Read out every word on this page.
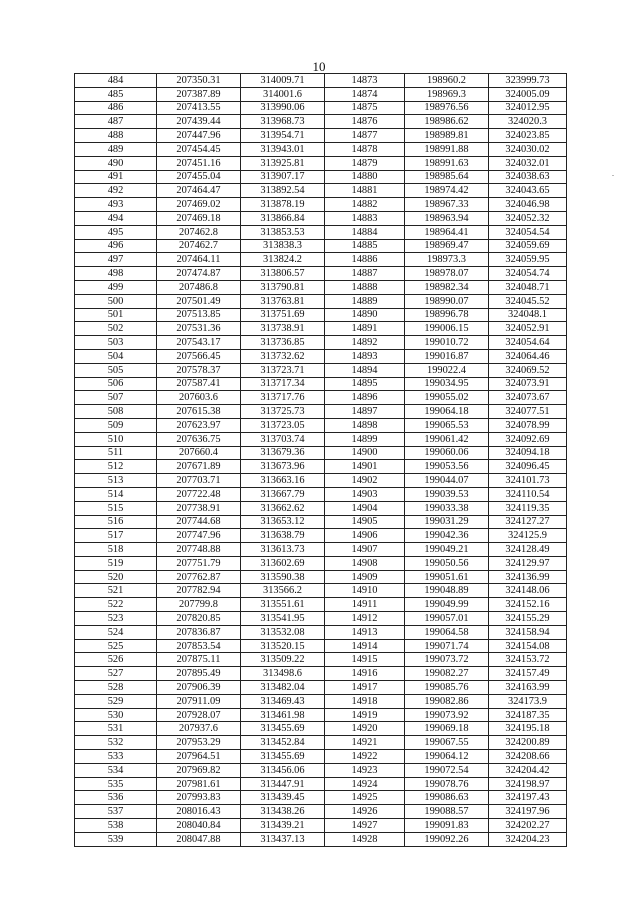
10
484	207350.31	314009.71	14873	198960.2	323999.73
485	207387.89	314001.6	14874	198969.3	324005.09
486	207413.55	313990.06	14875	198976.56	324012.95
487	207439.44	313968.73	14876	198986.62	324020.3
488	207447.96	313954.71	14877	198989.81	324023.85
489	207454.45	313943.01	14878	198991.88	324030.02
490	207451.16	313925.81	14879	198991.63	324032.01
491	207455.04	313907.17	14880	198985.64	324038.63
492	207464.47	313892.54	14881	198974.42	324043.65
493	207469.02	313878.19	14882	198967.33	324046.98
494	207469.18	313866.84	14883	198963.94	324052.32
495	207462.8	313853.53	14884	198964.41	324054.54
496	207462.7	313838.3	14885	198969.47	324059.69
497	207464.11	313824.2	14886	198973.3	324059.95
498	207474.87	313806.57	14887	198978.07	324054.74
499	207486.8	313790.81	14888	198982.34	324048.71
500	207501.49	313763.81	14889	198990.07	324045.52
501	207513.85	313751.69	14890	198996.78	324048.1
502	207531.36	313738.91	14891	199006.15	324052.91
503	207543.17	313736.85	14892	199010.72	324054.64
504	207566.45	313732.62	14893	199016.87	324064.46
505	207578.37	313723.71	14894	199022.4	324069.52
506	207587.41	313717.34	14895	199034.95	324073.91
507	207603.6	313717.76	14896	199055.02	324073.67
508	207615.38	313725.73	14897	199064.18	324077.51
509	207623.97	313723.05	14898	199065.53	324078.99
510	207636.75	313703.74	14899	199061.42	324092.69
511	207660.4	313679.36	14900	199060.06	324094.18
512	207671.89	313673.96	14901	199053.56	324096.45
513	207703.71	313663.16	14902	199044.07	324101.73
514	207722.48	313667.79	14903	199039.53	324110.54
515	207738.91	313662.62	14904	199033.38	324119.35
516	207744.68	313653.12	14905	199031.29	324127.27
517	207747.96	313638.79	14906	199042.36	324125.9
518	207748.88	313613.73	14907	199049.21	324128.49
519	207751.79	313602.69	14908	199050.56	324129.97
520	207762.87	313590.38	14909	199051.61	324136.99
521	207782.94	313566.2	14910	199048.89	324148.06
522	207799.8	313551.61	14911	199049.99	324152.16
523	207820.85	313541.95	14912	199057.01	324155.29
524	207836.87	313532.08	14913	199064.58	324158.94
525	207853.54	313520.15	14914	199071.74	324154.08
526	207875.11	313509.22	14915	199073.72	324153.72
527	207895.49	313498.6	14916	199082.27	324157.49
528	207906.39	313482.04	14917	199085.76	324163.99
529	207911.09	313469.43	14918	199082.86	324173.9
530	207928.07	313461.98	14919	199073.92	324187.35
531	207937.6	313455.69	14920	199069.18	324195.18
532	207953.29	313452.84	14921	199067.55	324200.89
533	207964.51	313455.69	14922	199064.12	324208.66
534	207969.82	313456.06	14923	199072.54	324204.42
535	207981.61	313447.91	14924	199078.76	324198.97
536	207993.83	313439.45	14925	199086.63	324197.43
537	208016.43	313438.26	14926	199088.57	324197.96
538	208040.84	313439.21	14927	199091.83	324202.27
539	208047.88	313437.13	14928	199092.26	324204.23
